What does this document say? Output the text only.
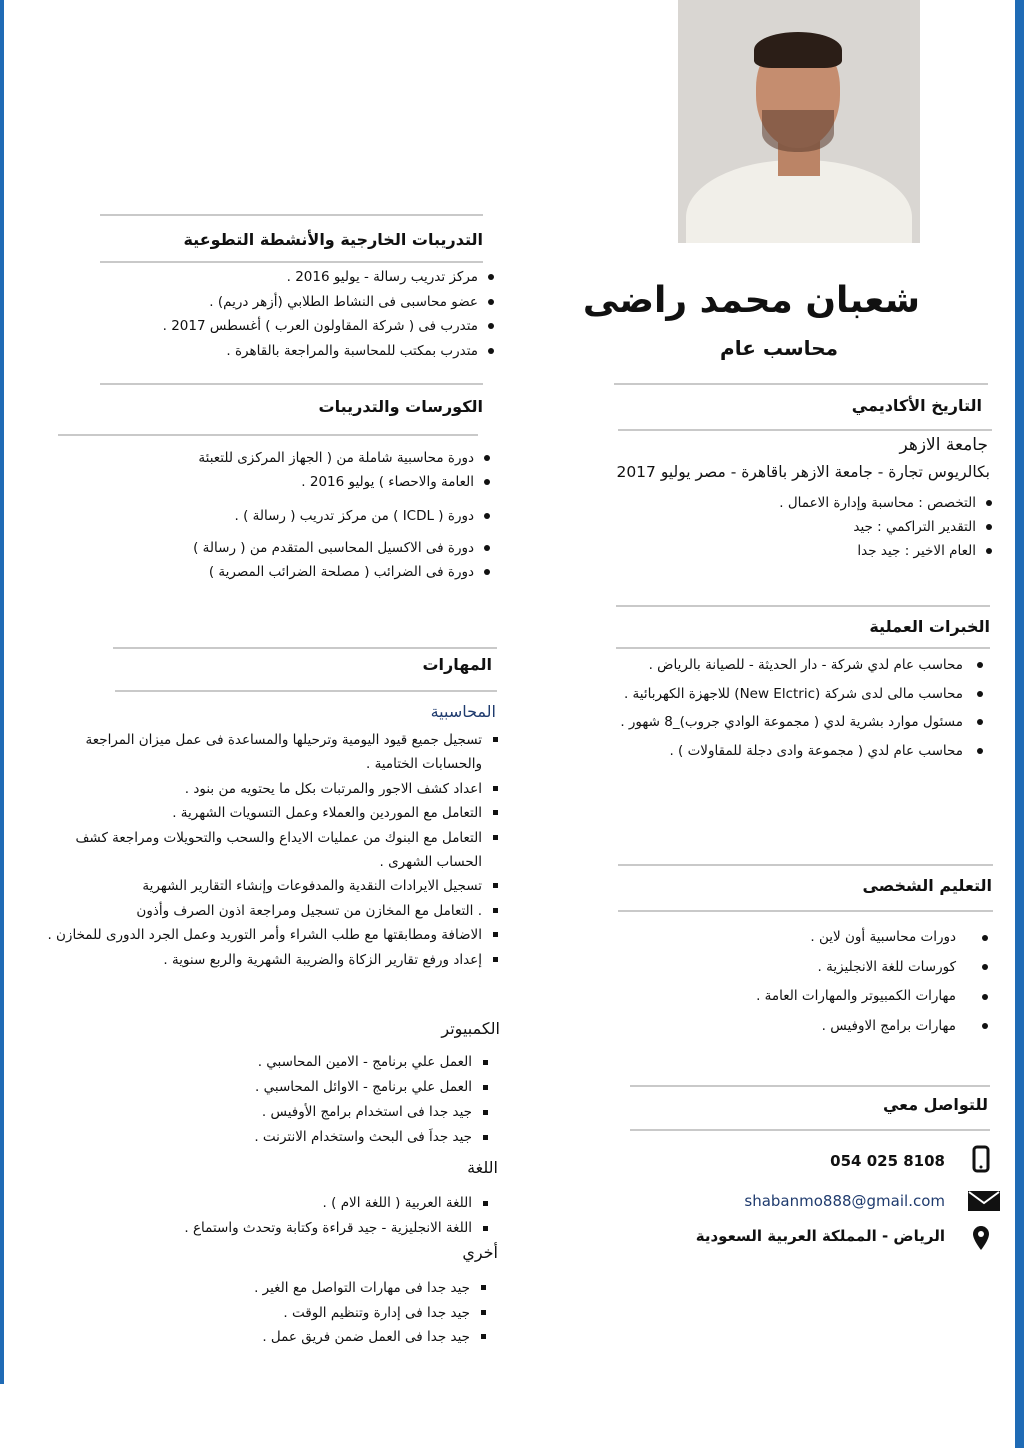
شعبان محمد راضى
محاسب عام
التدريبات الخارجية والأنشطة التطوعية
مركز تدريب رسالة - يوليو 2016 .
عضو محاسبى فى النشاط الطلابي (أزهر دريم) .
متدرب فى ( شركة المقاولون العرب ) أغسطس 2017 .
متدرب بمكتب للمحاسبة والمراجعة بالقاهرة .
الكورسات والتدريبات
دورة محاسبية شاملة من ( الجهاز المركزى للتعبئة
العامة والاحصاء ) يوليو 2016 .
دورة ( ICDL ) من مركز تدريب ( رسالة ) .
دورة فى الاكسيل المحاسبى المتقدم من ( رسالة )
دورة فى الضرائب ( مصلحة الضرائب المصرية )
المهارات
المحاسبية
تسجيل جميع قيود اليومية وترحيلها والمساعدة فى عمل ميزان المراجعة والحسابات الختامية .
اعداد كشف الاجور والمرتبات بكل ما يحتويه من بنود .
التعامل مع الموردين والعملاء وعمل التسويات الشهرية .
التعامل مع البنوك من عمليات الايداع والسحب والتحويلات ومراجعة كشف الحساب الشهرى .
تسجيل الايرادات النقدية والمدفوعات وإنشاء التقارير الشهرية
. التعامل مع المخازن من تسجيل ومراجعة اذون الصرف وأذون
الاضافة ومطابقتها مع طلب الشراء وأمر التوريد وعمل الجرد الدورى للمخازن .
إعداد ورفع تقارير الزكاة والضريبة الشهرية والربع سنوية .
الكمبيوتر
العمل علي برنامج - الامين المحاسبي .
العمل علي برنامج - الاوائل المحاسبي .
جيد جدا فى استخدام برامج الأوفيس .
جيد جداَ فى البحث واستخدام الانترنت .
اللغة
اللغة العربية ( اللغة الام ) .
اللغة الانجليزية - جيد قراءة وكتابة وتحدث واستماع .
أخري
جيد جدا فى مهارات التواصل مع الغير .
جيد جدا فى إدارة وتنظيم الوقت .
جيد جدا فى العمل ضمن فريق عمل .
التاريخ الأكاديمي
جامعة الازهر
بكالريوس تجارة - جامعة الازهر باقاهرة - مصر يوليو 2017
التخصص : محاسبة وإدارة الاعمال .
التقدير التراكمي : جيد
العام الاخير : جيد جدا
الخبرات العملية
محاسب عام لدي شركة - دار الحديثة - للصيانة بالرياض .
محاسب مالى لدى شركة (New Elctric) للاجهزة الكهربائية .
مسئول موارد بشرية لدي ( مجموعة الوادي جروب)_8 شهور .
محاسب عام لدي ( مجموعة وادى دجلة للمقاولات ) .
التعليم الشخصى
دورات محاسبية أون لاين .
كورسات للغة الانجليزية .
مهارات الكمبيوتر والمهارات العامة .
مهارات برامج الاوفيس .
للتواصل معي
054 025 8108
shabanmo888@gmail.com
الرياض - المملكة العربية السعودية
